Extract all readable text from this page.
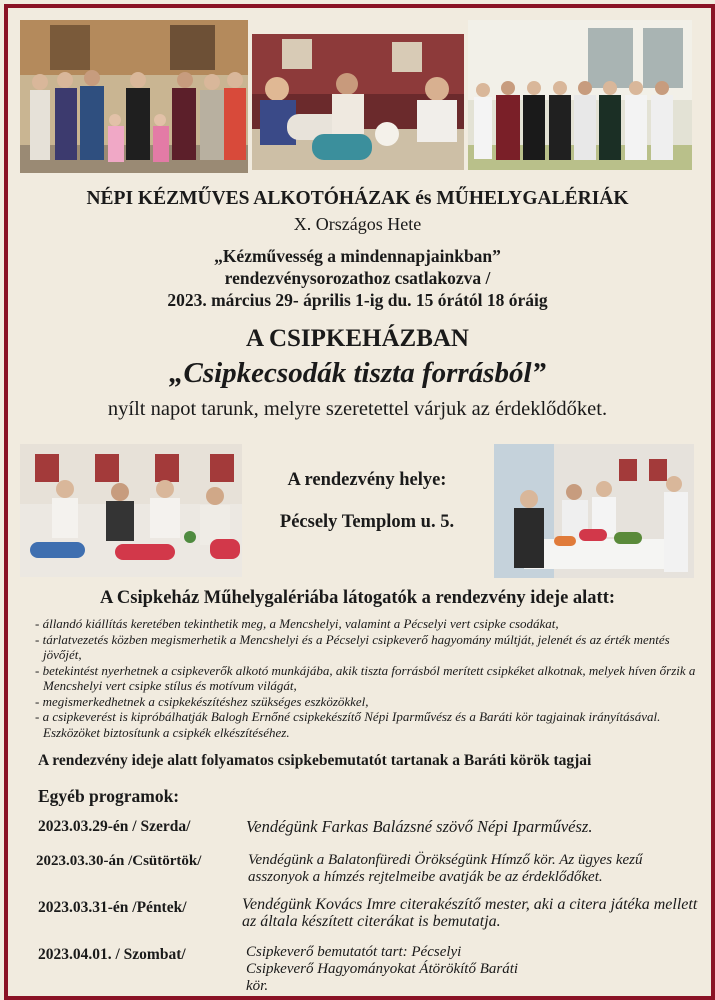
NÉPI KÉZMŰVES ALKOTÓHÁZAK és MŰHELYGALÉRIÁK
X. Országos Hete
„Kézművesség a mindennapjainkban”
rendezvénysorozathoz csatlakozva /
2023. március 29- április 1-ig du. 15 órától 18 óráig
A CSIPKEHÁZBAN
„Csipkecsodák tiszta forrásból”
nyílt napot tarunk, melyre szeretettel várjuk az érdeklődőket.
A rendezvény helye:
Pécsely Templom u. 5.
A Csipkeház Műhelygalériába látogatók a rendezvény ideje alatt:
- állandó kiállítás keretében tekinthetik meg, a Mencshelyi, valamint a Pécselyi vert csipke csodákat,
- tárlatvezetés közben megismerhetik a Mencshelyi és a Pécselyi csipkeverő hagyomány múltját, jelenét és az érték mentés jövőjét,
- betekintést nyerhetnek a csipkeverők alkotó munkájába, akik tiszta forrásból merített csipkéket alkotnak, melyek híven őrzik a Mencshelyi vert csipke stílus és motívum világát,
- megismerkedhetnek a csipkekészítéshez szükséges eszközökkel,
- a csipkeverést is kipróbálhatják Balogh Ernőné csipkekészítő Népi Iparművész és a Baráti kör tagjainak irányításával. Eszközöket biztosítunk a csipkék elkészítéséhez.
A rendezvény ideje alatt folyamatos csipkebemutatót tartanak a Baráti körök tagjai
Egyéb programok:
2023.03.29-én / Szerda/	Vendégünk Farkas Balázsné szövő Népi Iparművész.
2023.03.30-án /Csütörtök/	Vendégünk a Balatonfüredi Örökségünk Hímző kör. Az ügyes kezű asszonyok a hímzés rejtelmeibe avatják be az érdeklődőket.
2023.03.31-én /Péntek/	Vendégünk Kovács Imre citerakészítő mester, aki a citera játéka mellett az általa készített citerákat is bemutatja.
2023.04.01. / Szombat/	Csipkeverő bemutatót tart: Pécselyi Csipkeverő Hagyományokat Átörökítő Baráti kör.
